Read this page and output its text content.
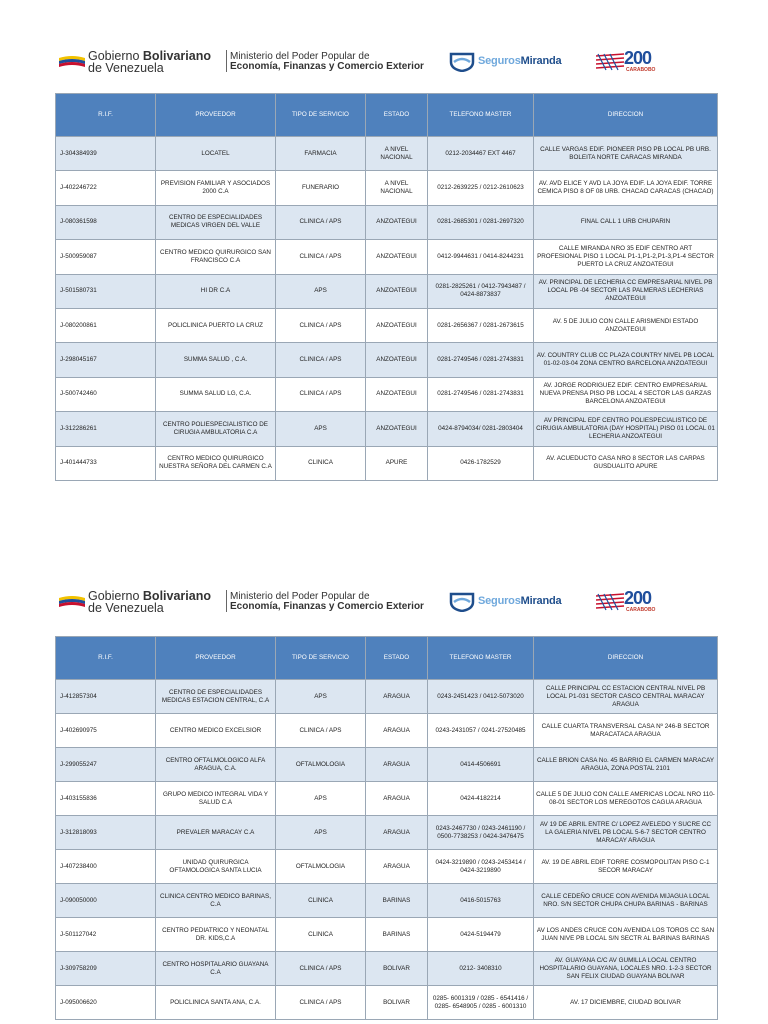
Gobierno Bolivariano
de Venezuela
Ministerio del Poder Popular de
Economía, Finanzas y Comercio Exterior	SegurosMiranda	200
CARABOBO
R.I.F.	PROVEEDOR	TIPO DE SERVICIO	ESTADO	TELEFONO MASTER	DIRECCION
J-304384939	LOCATEL	FARMACIA	A NIVEL NACIONAL	0212-2034467 EXT 4467	CALLE VARGAS EDIF. PIONEER PISO PB LOCAL PB URB. BOLEITA NORTE CARACAS MIRANDA
J-402246722	PREVISION FAMILIAR Y ASOCIADOS 2000 C.A	FUNERARIO	A NIVEL NACIONAL	0212-2639225 / 0212-2610623	AV. AVD ELICE Y AVD LA JOYA EDIF. LA JOYA EDIF. TORRE CEMICA PISO 8 OF 08 URB. CHACAO CARACAS (CHACAO)
J-080361598	CENTRO DE ESPECIALIDADES MEDICAS VIRGEN DEL VALLE	CLINICA / APS	ANZOATEGUI	0281-2685301 / 0281-2697320	FINAL CALL 1 URB CHUPARIN
J-500959087	CENTRO MEDICO QUIRURGICO SAN FRANCISCO C.A	CLINICA / APS	ANZOATEGUI	0412-9944631 / 0414-8244231	CALLE MIRANDA NRO 35 EDIF CENTRO ART PROFESIONAL PISO 1 LOCAL P1-1,P1-2,P1-3,P1-4 SECTOR PUERTO LA CRUZ ANZOATEGUI
J-501580731	HI DR C.A	APS	ANZOATEGUI	0281-2825261 / 0412-7943487 / 0424-8873837	AV. PRINCIPAL DE LECHERIA CC EMPRESARIAL NIVEL PB LOCAL PB -04 SECTOR LAS PALMERAS LECHERIAS ANZOATEGUI
J-080200861	POLICLINICA PUERTO LA CRUZ	CLINICA / APS	ANZOATEGUI	0281-2656367 / 0281-2673615	AV. 5 DE JULIO CON CALLE ARISMENDI ESTADO ANZOATEGUI
J-298045167	SUMMA SALUD , C.A.	CLINICA / APS	ANZOATEGUI	0281-2749546 / 0281-2743831	AV. COUNTRY CLUB CC PLAZA COUNTRY NIVEL PB LOCAL 01-02-03-04 ZONA CENTRO BARCELONA ANZOATEGUI
J-500742460	SUMMA SALUD LG, C.A.	CLINICA / APS	ANZOATEGUI	0281-2749546 / 0281-2743831	AV. JORGE RODRIGUEZ EDIF. CENTRO EMPRESARIAL NUEVA PRENSA PISO PB LOCAL 4 SECTOR LAS GARZAS BARCELONA ANZOATEGUI
J-312286261	CENTRO POLIESPECIALISTICO DE CIRUGIA AMBULATORIA C.A	APS	ANZOATEGUI	0424-8794034/ 0281-2803404	AV PRINCIPAL EDF CENTRO POLIESPECIALISTICO DE CIRUGIA AMBULATORIA (DAY HOSPITAL) PISO 01 LOCAL 01 LECHERIA ANZOATEGUI
J-401444733	CENTRO MEDICO QUIRURGICO NUESTRA SEÑORA DEL CARMEN C.A	CLINICA	APURE	0426-1782529	AV. ACUEDUCTO CASA NRO 8 SECTOR LAS CARPAS GUSDUALITO APURE
Gobierno Bolivariano
de Venezuela
Ministerio del Poder Popular de
Economía, Finanzas y Comercio Exterior	SegurosMiranda	200
CARABOBO
R.I.F.	PROVEEDOR	TIPO DE SERVICIO	ESTADO	TELEFONO MASTER	DIRECCION
J-412857304	CENTRO DE ESPECIALIDADES MEDICAS ESTACION CENTRAL, C.A	APS	ARAGUA	0243-2451423 / 0412-5073020	CALLE PRINCIPAL CC ESTACION CENTRAL NIVEL PB LOCAL P1-031 SECTOR CASCO CENTRAL MARACAY ARAGUA
J-402690975	CENTRO MEDICO EXCELSIOR	CLINICA / APS	ARAGUA	0243-2431057 / 0241-27520485	CALLE CUARTA TRANSVERSAL CASA Nº 246-B SECTOR MARACATACA ARAGUA
J-299055247	CENTRO OFTALMOLOGICO ALFA ARAGUA, C.A.	OFTALMOLOGIA	ARAGUA	0414-4506691	CALLE BRION CASA No. 45 BARRIO EL CARMEN MARACAY ARAGUA, ZONA POSTAL 2101
J-403155836	GRUPO MEDICO INTEGRAL VIDA Y SALUD C.A	APS	ARAGUA	0424-4182214	CALLE 5 DE JULIO CON CALLE AMERICAS LOCAL NRO 110-08-01 SECTOR LOS MEREGOTOS CAGUA ARAGUA
J-312818093	PREVALER MARACAY C.A	APS	ARAGUA	0243-2467730 / 0243-2461190 / 0500-7738253 / 0424-3476475	AV 19 DE ABRIL ENTRE C/ LOPEZ AVELEDO Y SUCRE CC LA GALERIA NIVEL PB LOCAL 5-6-7 SECTOR CENTRO MARACAY ARAGUA
J-407238400	UNIDAD QUIRURGICA OFTAMOLOGICA SANTA LUCIA	OFTALMOLOGIA	ARAGUA	0424-3219890 / 0243-2453414 / 0424-3219890	AV. 19 DE ABRIL EDIF TORRE COSMOPOLITAN PISO C-1 SECOR MARACAY
J-090050000	CLINICA CENTRO MEDICO BARINAS, C.A	CLINICA	BARINAS	0416-5015763	CALLE CEDEÑO CRUCE CON AVENIDA MIJAGUA LOCAL NRO. S/N SECTOR CHUPA CHUPA BARINAS - BARINAS
J-501127042	CENTRO PEDIATRICO Y NEONATAL DR. KIDS,C.A	CLINICA	BARINAS	0424-5194479	AV LOS ANDES CRUCE CON AVENIDA LOS TOROS CC SAN JUAN NIVE PB LOCAL S/N SECTR AL BARINAS BARINAS
J-309758209	CENTRO HOSPITALARIO GUAYANA C.A	CLINICA / APS	BOLIVAR	0212- 3408310	AV. GUAYANA C/C AV GUMILLA LOCAL CENTRO HOSPITALARIO GUAYANA, LOCALES NRO. 1-2-3 SECTOR SAN FELIX CIUDAD GUAYANA BOLIVAR
J-095006620	POLICLINICA SANTA ANA, C.A.	CLINICA / APS	BOLIVAR	0285- 6001319 / 0285 - 6541416 / 0285- 6548905 / 0285 - 6001310	AV. 17 DICIEMBRE, CIUDAD BOLIVAR
